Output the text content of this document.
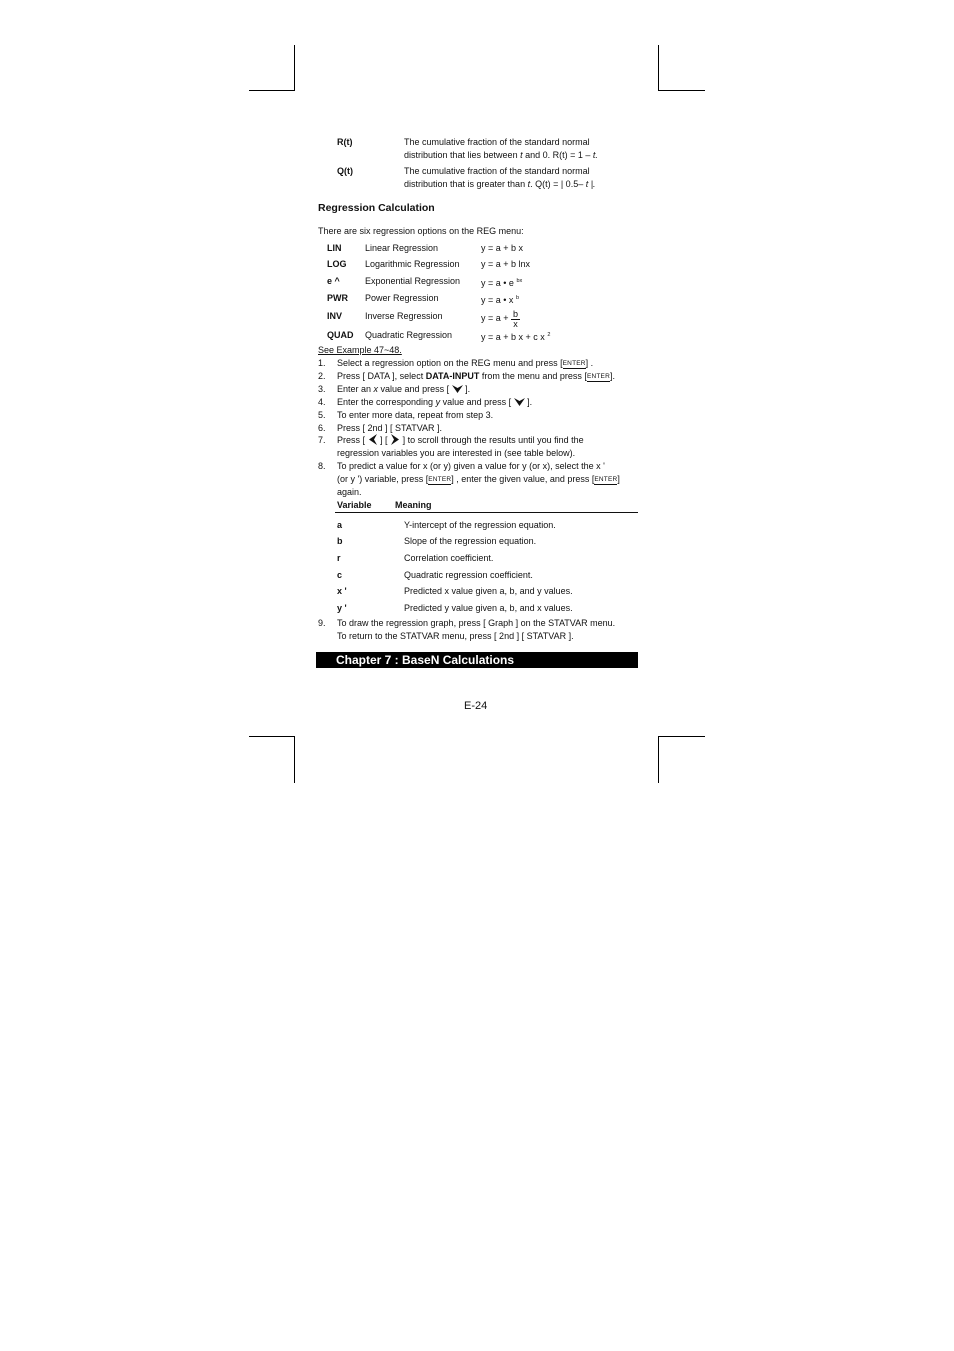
R(t)	The cumulative fraction of the standard normal
distribution that lies between t and 0. R(t) = 1 – t.
Q(t)	The cumulative fraction of the standard normal
distribution that is greater than t. Q(t) = | 0.5– t |.
Regression Calculation
There are six regression options on the REG menu:
LIN	Linear Regression	y = a + b x
LOG Logarithmic Regression y = a + b lnx
e ^	Exponential Regression y = a • e $^{bx}$
PWR Power Regression	y = a • x $^b$
INV	Inverse Regression	$y = a + \frac{b}{x}$
QUAD Quadratic Regression	y = a + b x + c x $^2$
See Example 47~48.
1. Select a regression option on the REG menu and press [ENTER] .
2. Press [ DATA ], select DATA-INPUT from the menu and press [ENTER].
3. Enter an x value and press [ ].
4. Enter the corresponding y value and press [ ].
5. To enter more data, repeat from step 3.
6. Press [ 2nd ] [ STATVAR ].
7. Press [ ] [ ] to scroll through the results until you find the
regression variables you are interested in (see table below).
8. To predict a value for x (or y) given a value for y (or x), select the x '
(or y ') variable, press [ENTER] , enter the given value, and press [ENTER]
again.
Variable	Meaning
a	Y-intercept of the regression equation.
b	Slope of the regression equation.
r	Correlation coefficient.
c	Quadratic regression coefficient.
x '	Predicted x value given a, b, and y values.
y '	Predicted y value given a, b, and x values.
9. To draw the regression graph, press [ Graph ] on the STATVAR menu.
To return to the STATVAR menu, press [ 2nd ] [ STATVAR ].
Chapter 7 : BaseN Calculations
E-24
